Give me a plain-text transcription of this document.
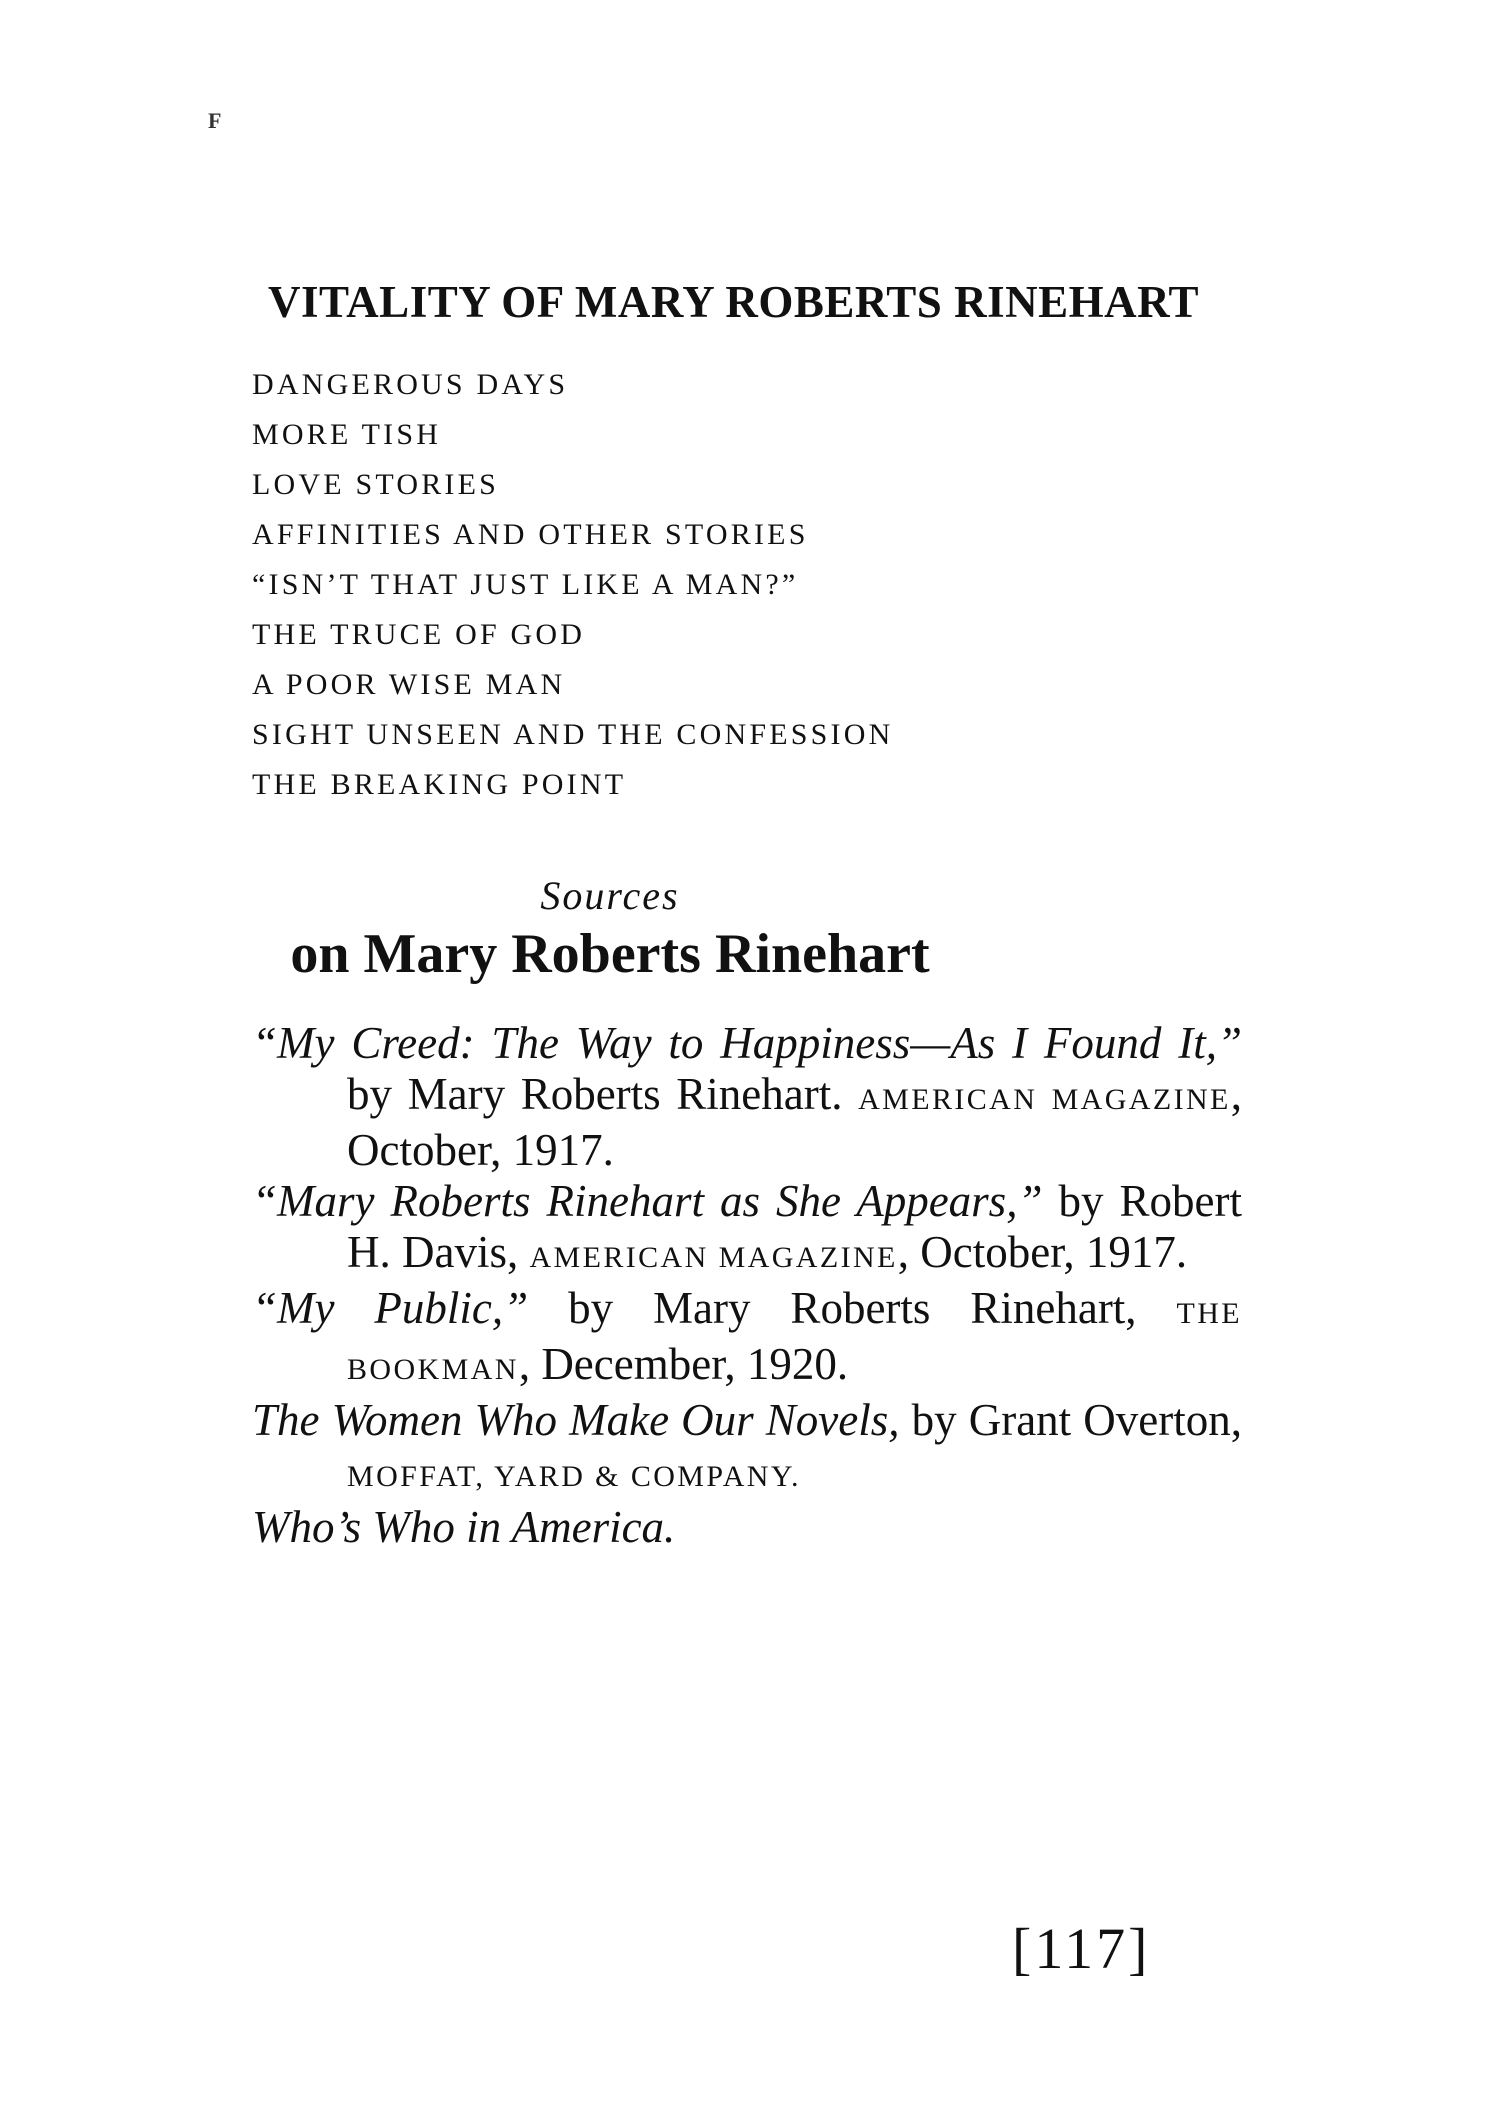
F
VITALITY OF MARY ROBERTS RINEHART
DANGEROUS DAYS
MORE TISH
LOVE STORIES
AFFINITIES AND OTHER STORIES
“ISN’T THAT JUST LIKE A MAN?”
THE TRUCE OF GOD
A POOR WISE MAN
SIGHT UNSEEN AND THE CONFESSION
THE BREAKING POINT
Sources
on Mary Roberts Rinehart
“My Creed: The Way to Happiness—As I Found It,” by Mary Roberts Rinehart. AMERICAN MAGAZINE, October, 1917.
“Mary Roberts Rinehart as She Appears,” by Robert H. Davis, AMERICAN MAGAZINE, October, 1917.
“My Public,” by Mary Roberts Rinehart, THE BOOKMAN, December, 1920.
The Women Who Make Our Novels, by Grant Overton, MOFFAT, YARD & COMPANY.
Who’s Who in America.
[117]
